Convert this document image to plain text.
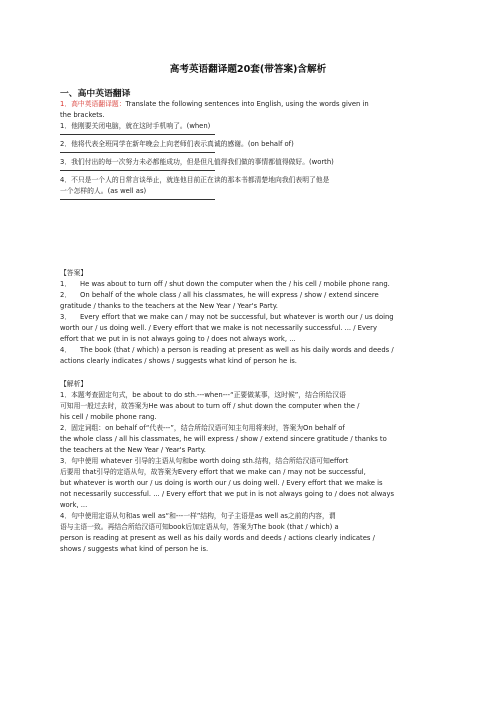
高考英语翻译题20套(带答案)含解析
一、高中英语翻译
1．高中英语翻译题：Translate the following sentences into English, using the words given in
the brackets.
1．他刚要关闭电脑，就在这时手机响了。(when)
2．他将代表全班同学在新年晚会上向老师们表示真诚的感谢。(on behalf of)
3．我们付出的每一次努力未必都能成功，但是但凡值得我们做的事情都值得做好。(worth)
4．不只是一个人的日常言谈举止，就连他目前正在读的那本书都清楚地向我们表明了他是
一个怎样的人。(as well as)
【答案】
1． He was about to turn off / shut down the computer when the / his cell / mobile phone rang.
2． On behalf of the whole class / all his classmates, he will express / show / extend sincere
gratitude / thanks to the teachers at the New Year / Year's Party.
3． Every effort that we make can / may not be successful, but whatever is worth our / us doing
worth our / us doing well. / Every effort that we make is not necessarily successful. ... / Every
effort that we put in is not always going to / does not always work, ...
4． The book (that / which) a person is reading at present as well as his daily words and deeds /
actions clearly indicates / shows / suggests what kind of person he is.
【解析】
1．本题考查固定句式，be about to do sth.---when---“正要做某事，这时候”，结合所给汉语
可知用一般过去时，故答案为He was about to turn off / shut down the computer when the /
his cell / mobile phone rang.
2．固定词组：on behalf of“代表---”，结合所给汉语可知主句用将来时，答案为On behalf of
the whole class / all his classmates, he will express / show / extend sincere gratitude / thanks to
the teachers at the New Year / Year's Party.
3．句中使用 whatever 引导的主语从句和be worth doing sth.结构，结合所给汉语可知effort
后要用 that引导的定语从句，故答案为Every effort that we make can / may not be successful,
but whatever is worth our / us doing is worth our / us doing well. / Every effort that we make is
not necessarily successful. ... / Every effort that we put in is not always going to / does not always
work, ...
4．句中使用定语从句和as well as“和---一样”结构，句子主语是as well as之前的内容，谓
语与主语一致。再结合所给汉语可知book后加定语从句，答案为The book (that / which) a
person is reading at present as well as his daily words and deeds / actions clearly indicates /
shows / suggests what kind of person he is.
